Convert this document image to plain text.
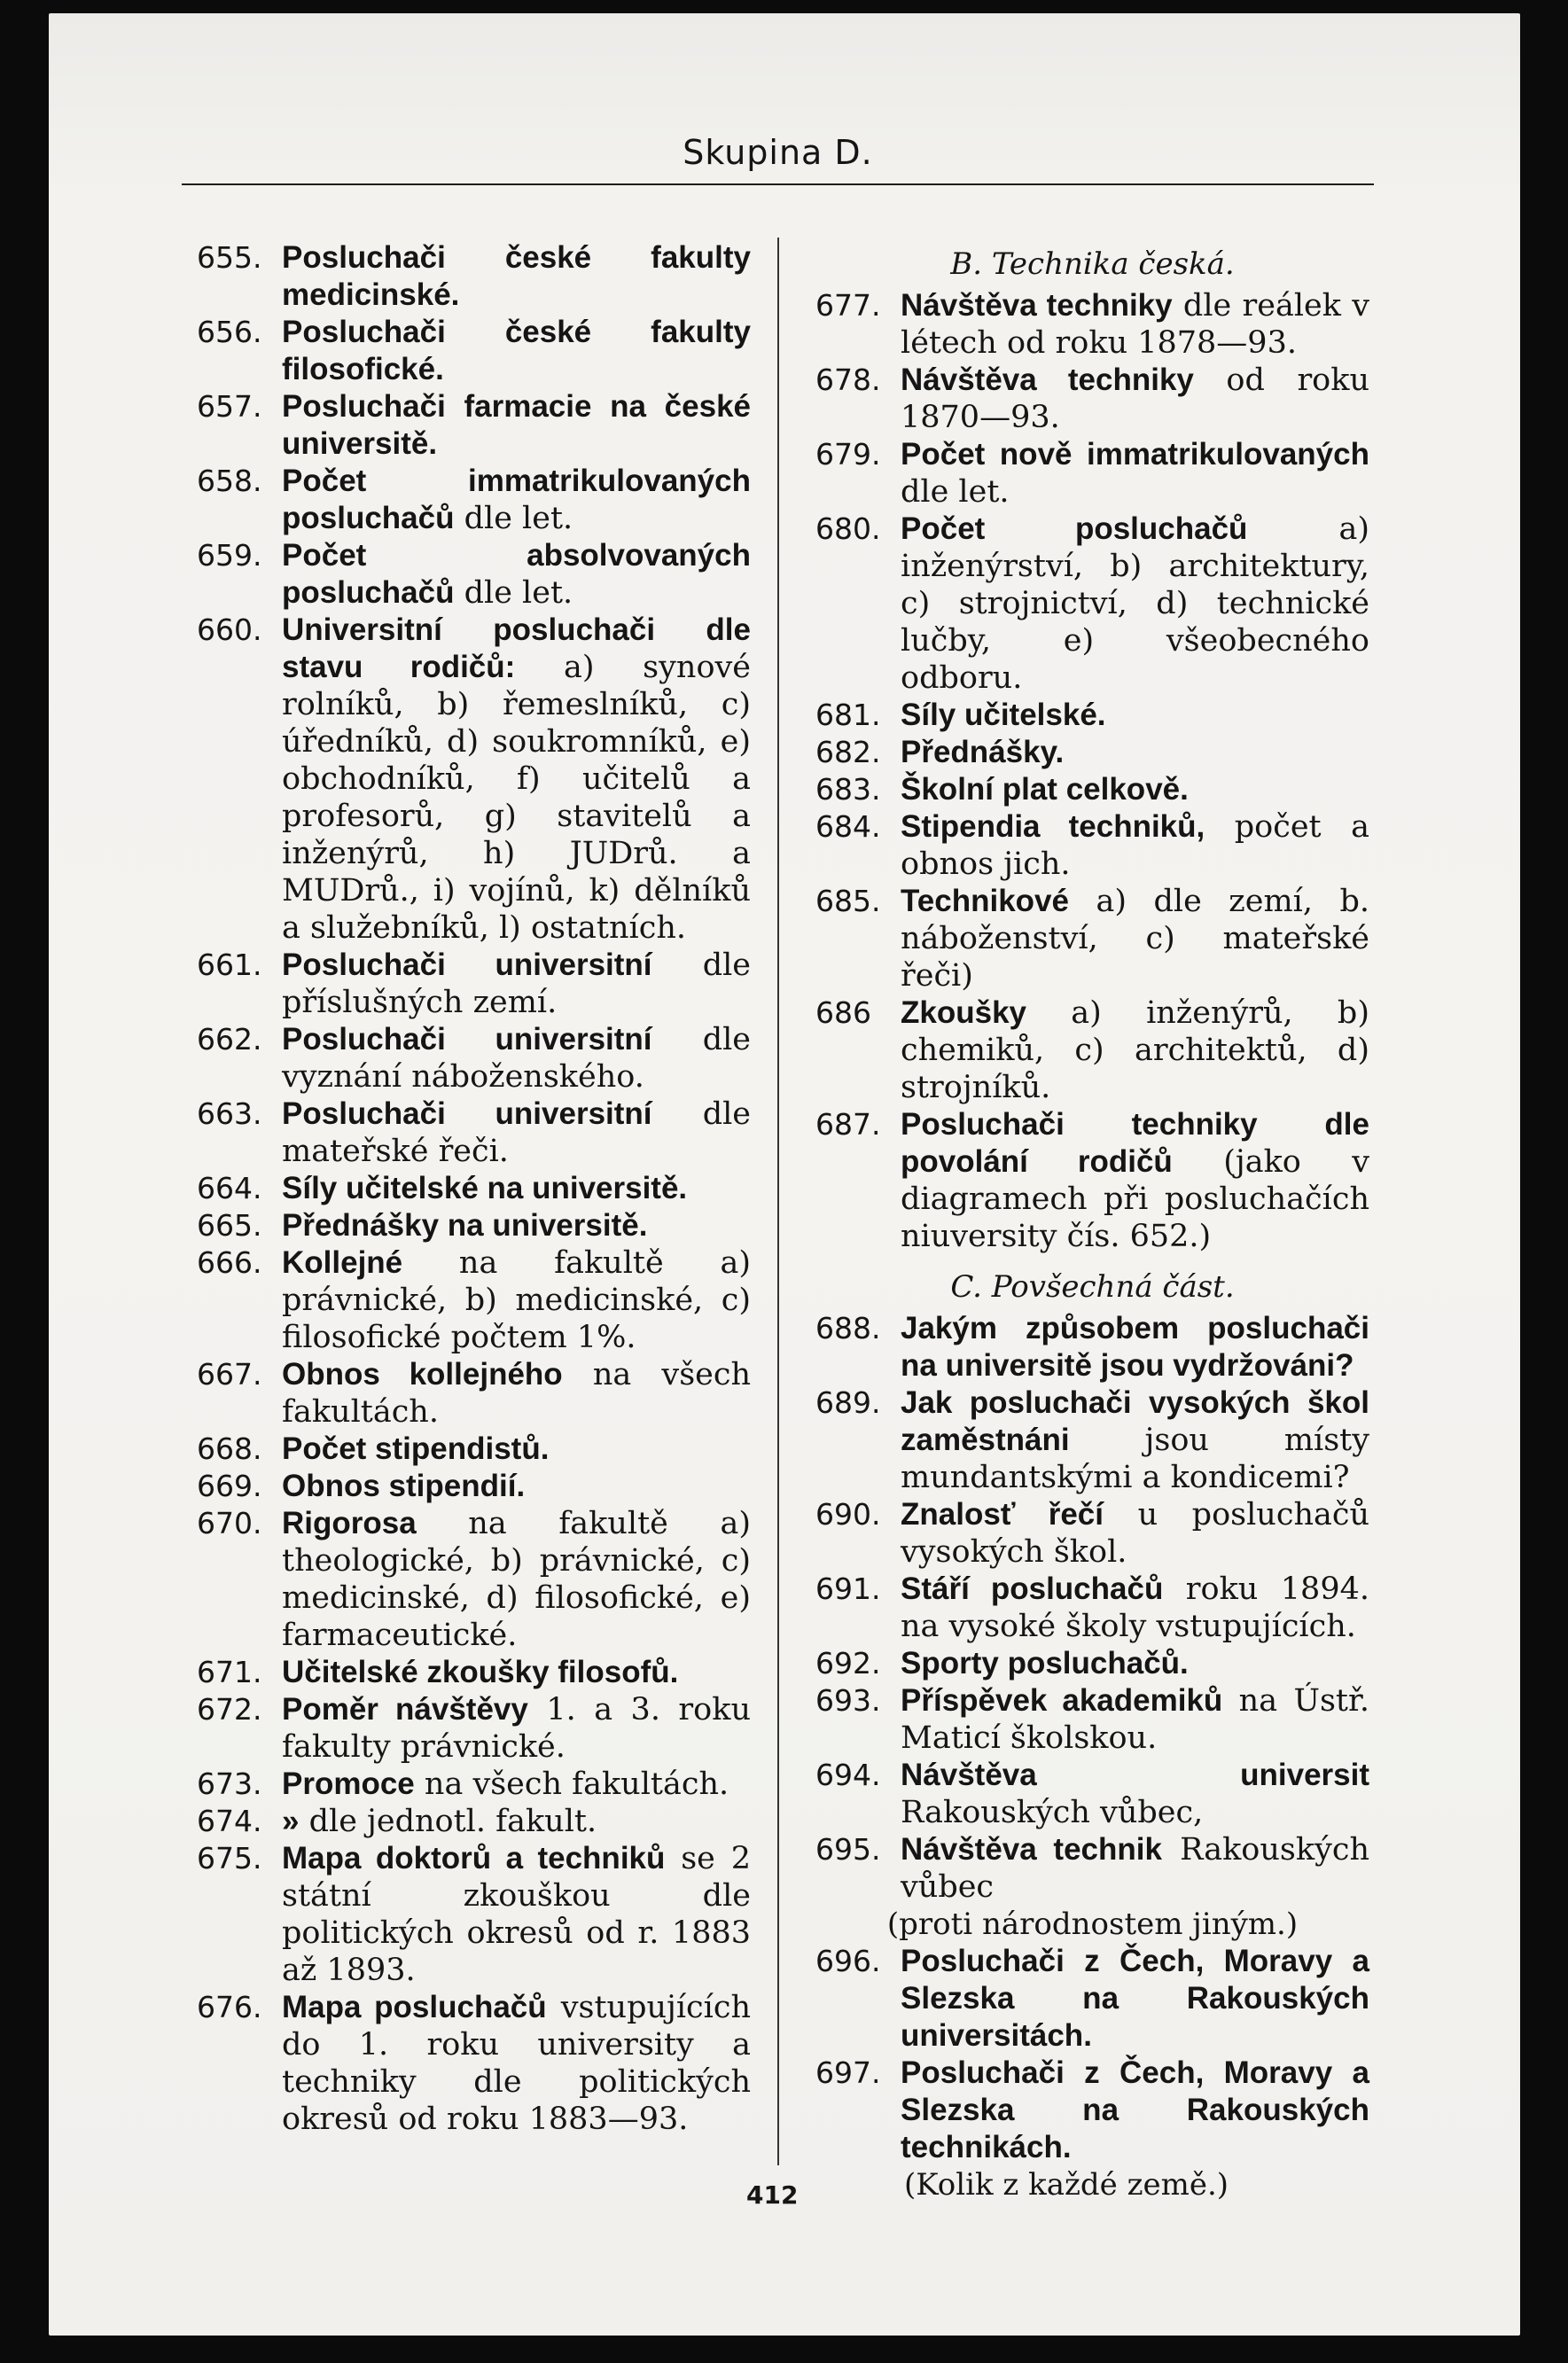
Skupina D.
655. Posluchači české fakulty medicinské.
656. Posluchači české fakulty filosofické.
657. Posluchači farmacie na české universitě.
658. Počet immatrikulovaných posluchačů dle let.
659. Počet absolvovaných posluchačů dle let.
660. Universitní posluchači dle stavu rodičů: a) synové rolníků, b) řemeslníků, c) úředníků, d) soukromníků, e) obchodníků, f) učitelů a profesorů, g) stavitelů a inženýrů, h) JUDrů. a MUDrů., i) vojínů, k) dělníků a služebníků, l) ostatních.
661. Posluchači universitní dle příslušných zemí.
662. Posluchači universitní dle vyznání náboženského.
663. Posluchači universitní dle mateřské řeči.
664. Síly učitelské na universitě.
665. Přednášky na universitě.
666. Kollejné na fakultě a) právnické, b) medicinské, c) filosofické počtem 1%.
667. Obnos kollejného na všech fakultách.
668. Počet stipendistů.
669. Obnos stipendií.
670. Rigorosa na fakultě a) theologické, b) právnické, c) medicinské, d) filosofické, e) farmaceutické.
671. Učitelské zkoušky filosofů.
672. Poměr návštěvy 1. a 3. roku fakulty právnické.
673. Promoce na všech fakultách.
674. » dle jednotl. fakult.
675. Mapa doktorů a techniků se 2 státní zkouškou dle politických okresů od r. 1883 až 1893.
676. Mapa posluchačů vstupujících do 1. roku university a techniky dle politických okresů od roku 1883—93.
B. Technika česká.
677. Návštěva techniky dle reálek v létech od roku 1878—93.
678. Návštěva techniky od roku 1870—93.
679. Počet nově immatrikulovaných dle let.
680. Počet posluchačů a) inženýrství, b) architektury, c) strojnictví, d) technické lučby, e) všeobecného odboru.
681. Síly učitelské.
682. Přednášky.
683. Školní plat celkově.
684. Stipendia techniků, počet a obnos jich.
685. Technikové a) dle zemí, b. náboženství, c) mateřské řeči)
686 Zkoušky a) inženýrů, b) chemiků, c) architektů, d) strojníků.
687. Posluchači techniky dle povolání rodičů (jako v diagramech při posluchačích niuversity čís. 652.)
C. Povšechná část.
688. Jakým způsobem posluchači na universitě jsou vydržováni?
689. Jak posluchači vysokých škol zaměstnáni jsou místy mundantskými a kondicemi?
690. Znalosť řečí u posluchačů vysokých škol.
691. Stáří posluchačů roku 1894. na vysoké školy vstupujících.
692. Sporty posluchačů.
693. Příspěvek akademiků na Ústř. Maticí školskou.
694. Návštěva universit Rakouských vůbec,
695. Návštěva technik Rakouských vůbec
(proti národnostem jiným.)
696. Posluchači z Čech, Moravy a Slezska na Rakouských universitách.
697. Posluchači z Čech, Moravy a Slezska na Rakouských technikách.
(Kolik z každé země.)
412
